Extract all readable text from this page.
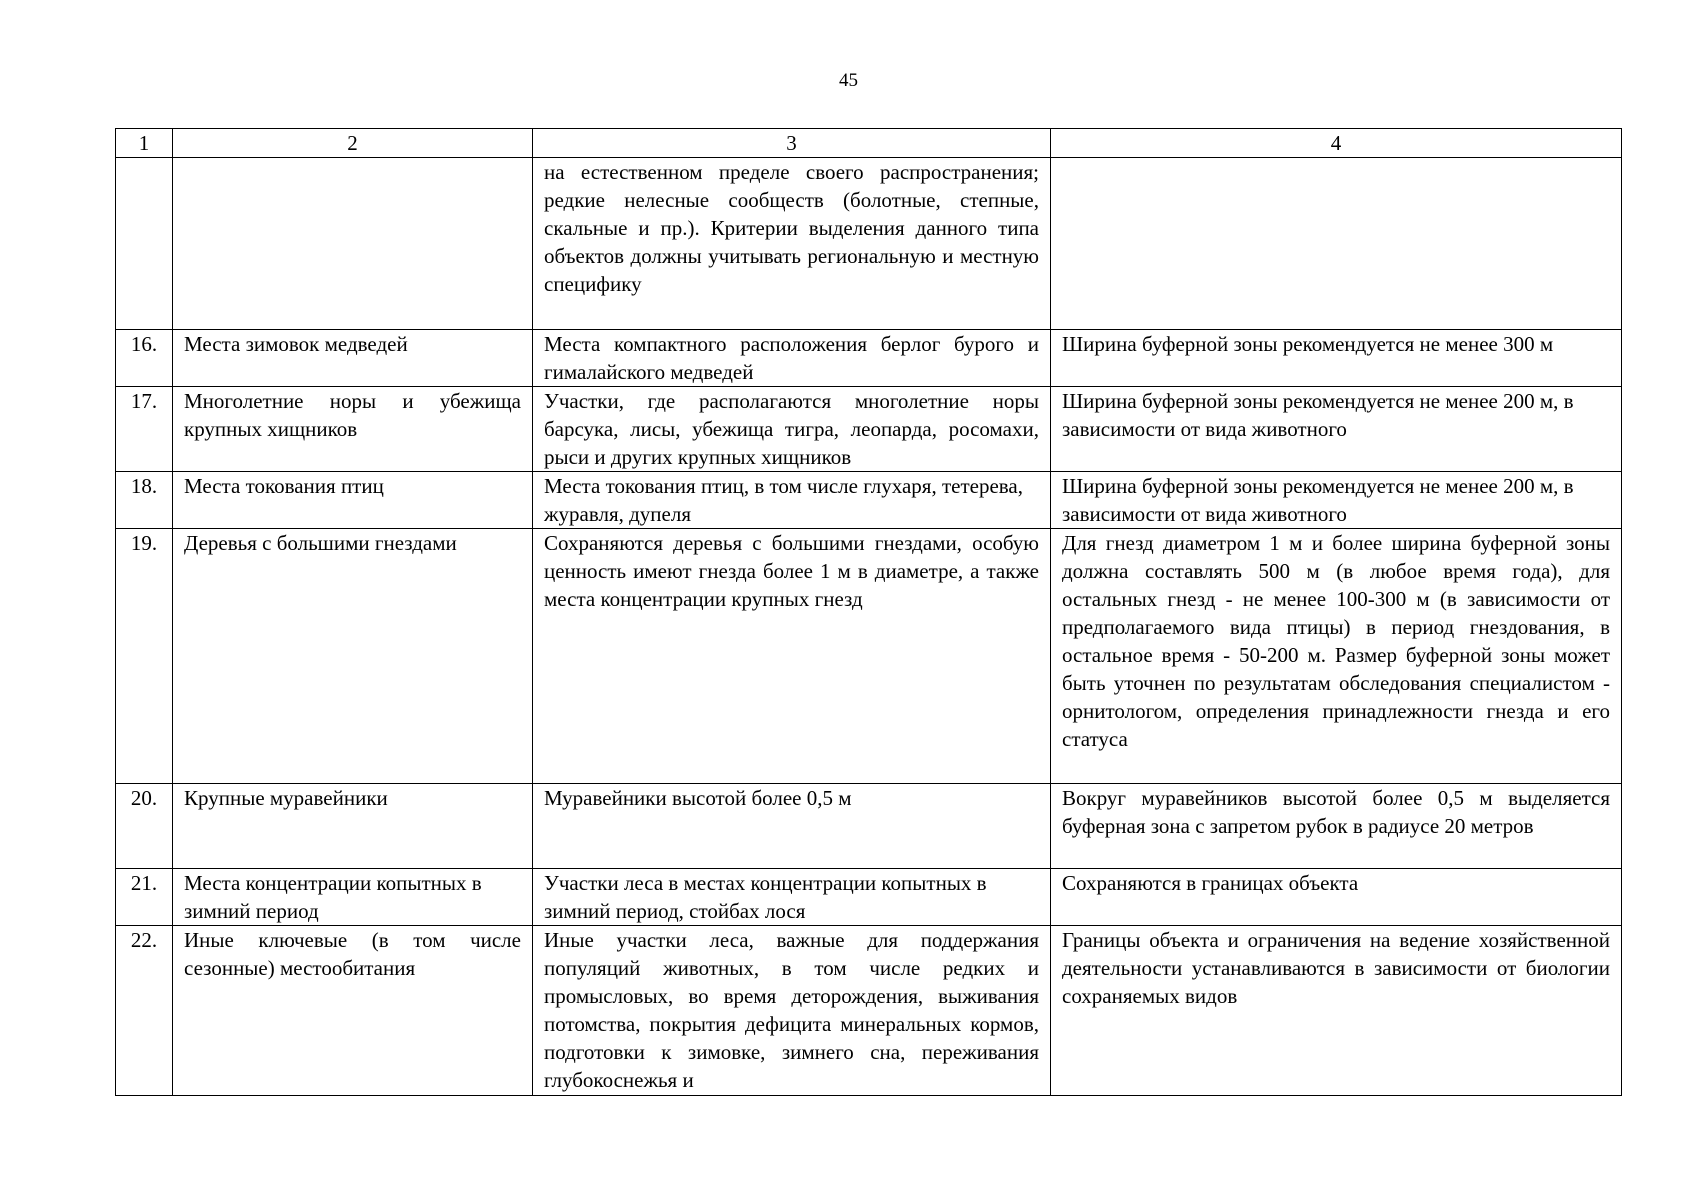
45
1	2	3	4
		на естественном пределе своего распространения; редкие нелесные сообществ (болотные, степные, скальные и пр.). Критерии выделения данного типа объектов должны учитывать региональную и местную специфику	
16.	Места зимовок медведей	Места компактного расположения берлог бурого и гималайского медведей	Ширина буферной зоны рекомендуется не менее 300 м
17.	Многолетние норы и убежища крупных хищников	Участки, где располагаются многолетние норы барсука, лисы, убежища тигра, леопарда, росомахи, рыси и других крупных хищников	Ширина буферной зоны рекомендуется не менее 200 м, в зависимости от вида животного
18.	Места токования птиц	Места токования птиц, в том числе глухаря, тетерева, журавля, дупеля	Ширина буферной зоны рекомендуется не менее 200 м, в зависимости от вида животного
19.	Деревья с большими гнездами	Сохраняются деревья с большими гнездами, особую ценность имеют гнезда более 1 м в диаметре, а также места концентрации крупных гнезд	Для гнезд диаметром 1 м и более ширина буферной зоны должна составлять 500 м (в любое время года), для остальных гнезд - не менее 100-300 м (в зависимости от предполагаемого вида птицы) в период гнездования, в остальное время - 50-200 м. Размер буферной зоны может быть уточнен по результатам обследования специалистом - орнитологом, определения принадлежности гнезда и его статуса
20.	Крупные муравейники	Муравейники высотой более 0,5 м	Вокруг муравейников высотой более 0,5 м выделяется буферная зона с запретом рубок в радиусе 20 метров
21.	Места концентрации копытных в зимний период	Участки леса в местах концентрации копытных в зимний период, стойбах лося	Сохраняются в границах объекта
22.	Иные ключевые (в том числе сезонные) местообитания	Иные участки леса, важные для поддержания популяций животных, в том числе редких и промысловых, во время деторождения, выживания потомства, покрытия дефицита минеральных кормов, подготовки к зимовке, зимнего сна, переживания глубокоснежья и	Границы объекта и ограничения на ведение хозяйственной деятельности устанавливаются в зависимости от биологии сохраняемых видов
